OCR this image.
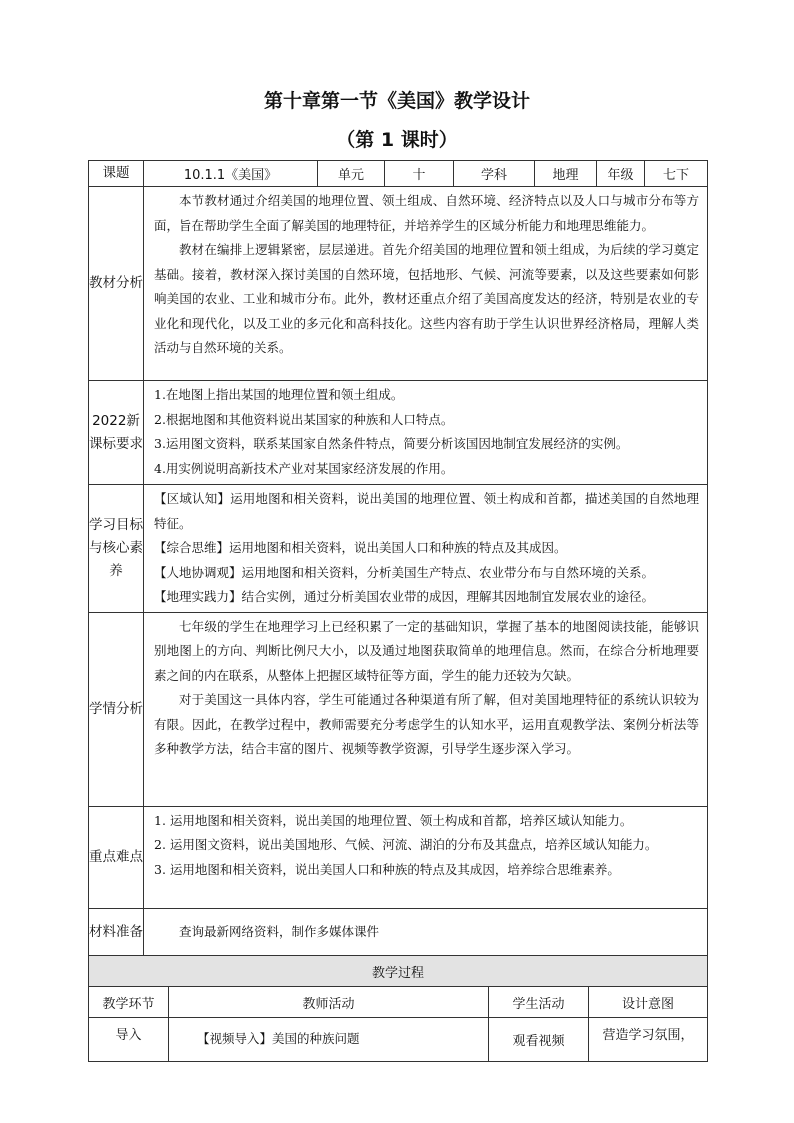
第十章第一节《美国》教学设计
（第 1 课时）
课题	10.1.1《美国》	单元	十	学科	地理	年级	七下
教材分析	本节教材通过介绍美国的地理位置、领土组成、自然环境、经济特点以及人口与城市分布等方面，旨在帮助学生全面了解美国的地理特征，并培养学生的区域分析能力和地理思维能力。

教材在编排上逻辑紧密，层层递进。首先介绍美国的地理位置和领土组成，为后续的学习奠定基础。接着，教材深入探讨美国的自然环境，包括地形、气候、河流等要素，以及这些要素如何影响美国的农业、工业和城市分布。此外，教材还重点介绍了美国高度发达的经济，特别是农业的专业化和现代化，以及工业的多元化和高科技化。这些内容有助于学生认识世界经济格局，理解人类活动与自然环境的关系。						

2022新课标要求	1.在地图上指出某国的地理位置和领土组成。

2.根据地图和其他资料说出某国家的种族和人口特点。

3.运用图文资料，联系某国家自然条件特点，简要分析该国因地制宜发展经济的实例。

4.用实例说明高新技术产业对某国家经济发展的作用。						

学习目标与核心素养	【区域认知】运用地图和相关资料，说出美国的地理位置、领土构成和首都，描述美国的自然地理特征。

【综合思维】运用地图和相关资料，说出美国人口和种族的特点及其成因。

【人地协调观】运用地图和相关资料，分析美国生产特点、农业带分布与自然环境的关系。

【地理实践力】结合实例，通过分析美国农业带的成因，理解其因地制宜发展农业的途径。						

学情分析	七年级的学生在地理学习上已经积累了一定的基础知识，掌握了基本的地图阅读技能，能够识别地图上的方向、判断比例尺大小，以及通过地图获取简单的地理信息。然而，在综合分析地理要素之间的内在联系，从整体上把握区域特征等方面，学生的能力还较为欠缺。

对于美国这一具体内容，学生可能通过各种渠道有所了解，但对美国地理特征的系统认识较为有限。因此，在教学过程中，教师需要充分考虑学生的认知水平，运用直观教学法、案例分析法等多种教学方法，结合丰富的图片、视频等教学资源，引导学生逐步深入学习。						

重点难点	1. 运用地图和相关资料，说出美国的地理位置、领土构成和首都，培养区域认知能力。

2. 运用图文资料，说出美国地形、气候、河流、湖泊的分布及其盘点，培养区域认知能力。

3. 运用地图和相关资料，说出美国人口和种族的特点及其成因，培养综合思维素养。						

材料准备	查询最新网络资料，制作多媒体课件						

教学过程			
教学环节	教师活动	学生活动	设计意图
导入	【视频导入】美国的种族问题	观看视频	营造学习氛围，
